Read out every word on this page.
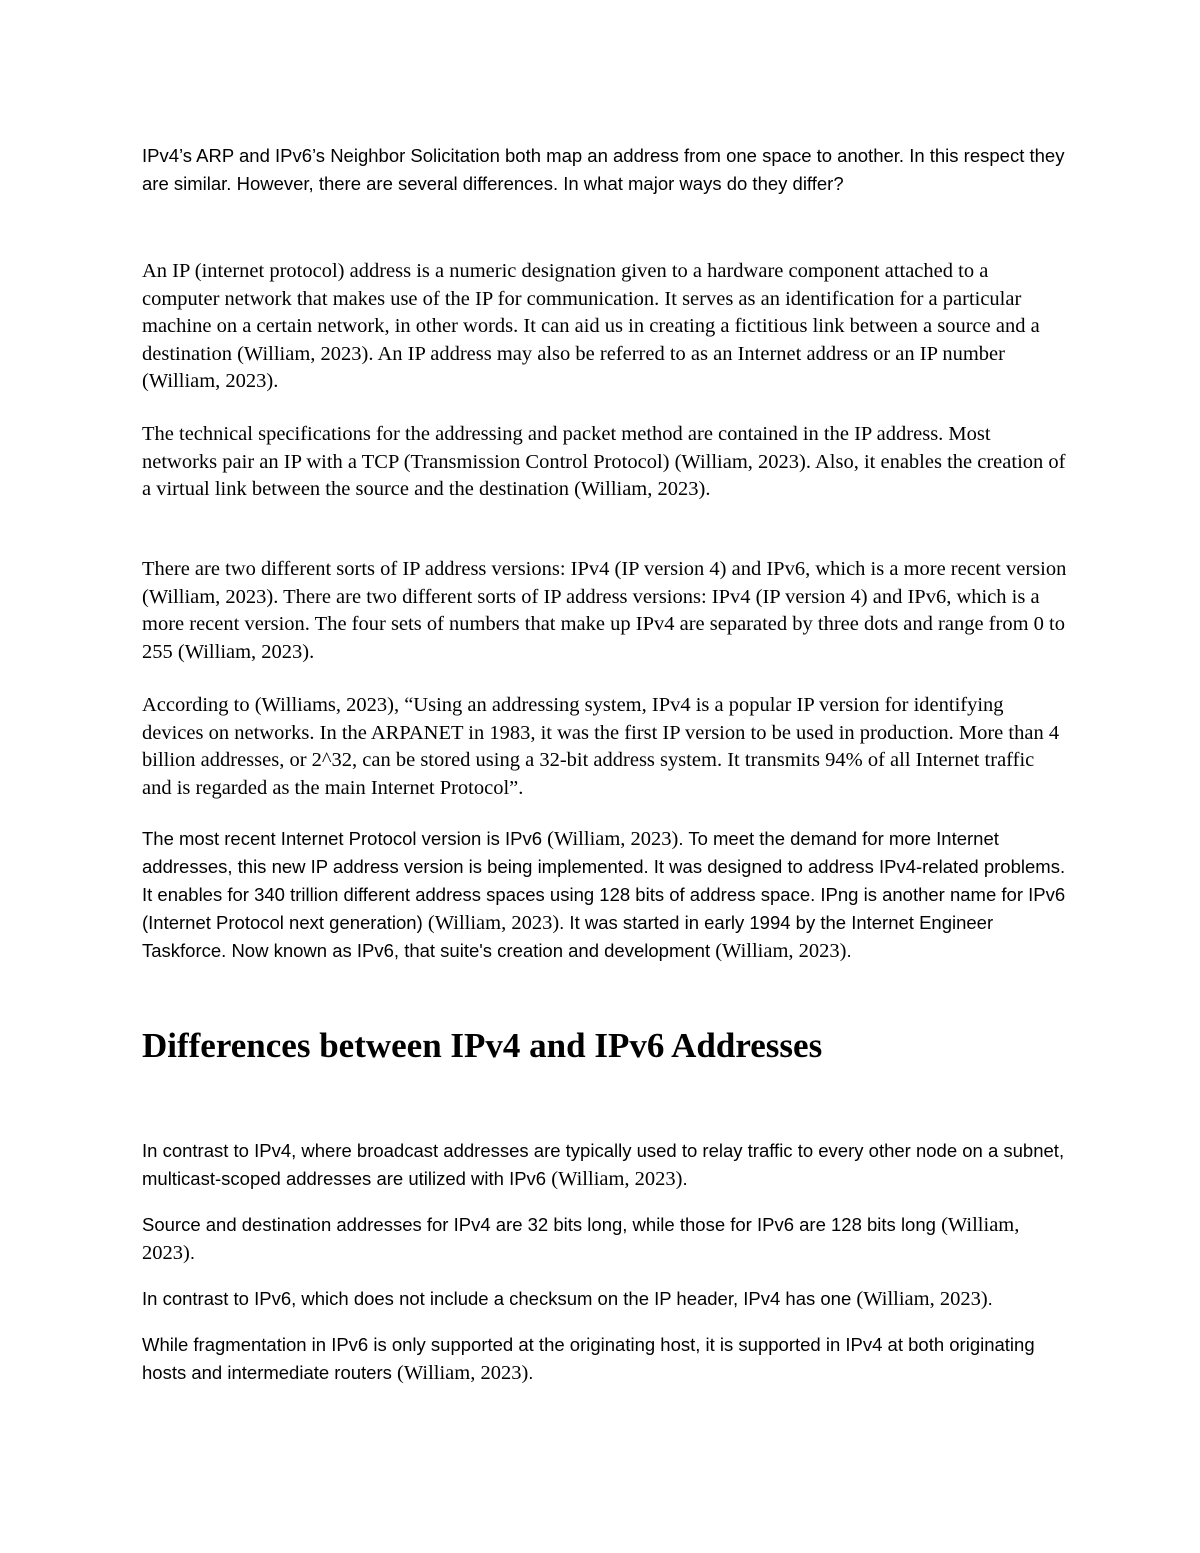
IPv4’s ARP and IPv6’s Neighbor Solicitation both map an address from one space to another. In this respect they are similar. However, there are several differences. In what major ways do they differ?

An IP (internet protocol) address is a numeric designation given to a hardware component attached to a computer network that makes use of the IP for communication. It serves as an identification for a particular machine on a certain network, in other words. It can aid us in creating a fictitious link between a source and a destination (William, 2023). An IP address may also be referred to as an Internet address or an IP number (William, 2023).

The technical specifications for the addressing and packet method are contained in the IP address. Most networks pair an IP with a TCP (Transmission Control Protocol) (William, 2023). Also, it enables the creation of a virtual link between the source and the destination (William, 2023).

There are two different sorts of IP address versions: IPv4 (IP version 4) and IPv6, which is a more recent version (William, 2023). There are two different sorts of IP address versions: IPv4 (IP version 4) and IPv6, which is a more recent version. The four sets of numbers that make up IPv4 are separated by three dots and range from 0 to 255 (William, 2023).

According to (Williams, 2023), “Using an addressing system, IPv4 is a popular IP version for identifying devices on networks. In the ARPANET in 1983, it was the first IP version to be used in production. More than 4 billion addresses, or 2^32, can be stored using a 32-bit address system. It transmits 94% of all Internet traffic and is regarded as the main Internet Protocol”.

The most recent Internet Protocol version is IPv6 (William, 2023). To meet the demand for more Internet addresses, this new IP address version is being implemented. It was designed to address IPv4-related problems. It enables for 340 trillion different address spaces using 128 bits of address space. IPng is another name for IPv6 (Internet Protocol next generation) (William, 2023). It was started in early 1994 by the Internet Engineer Taskforce. Now known as IPv6, that suite's creation and development (William, 2023).

Differences between IPv4 and IPv6 Addresses

In contrast to IPv4, where broadcast addresses are typically used to relay traffic to every other node on a subnet, multicast-scoped addresses are utilized with IPv6 (William, 2023).

Source and destination addresses for IPv4 are 32 bits long, while those for IPv6 are 128 bits long (William, 2023).

In contrast to IPv6, which does not include a checksum on the IP header, IPv4 has one (William, 2023).

While fragmentation in IPv6 is only supported at the originating host, it is supported in IPv4 at both originating hosts and intermediate routers (William, 2023).
